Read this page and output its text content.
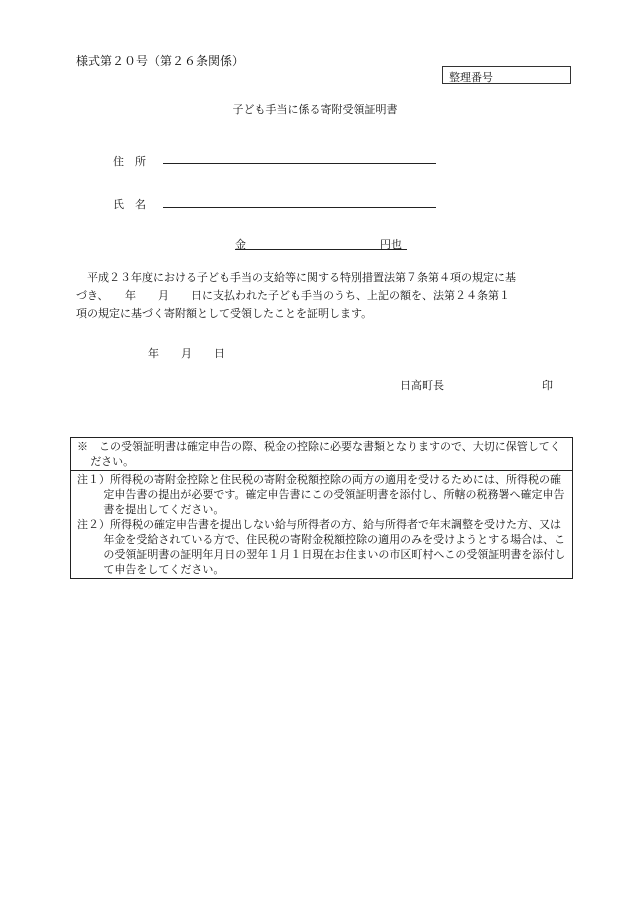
様式第２０号（第２６条関係）
整理番号
子ども手当に係る寄附受領証明書
住　所
氏　名
金	円也

　平成２３年度における子ども手当の支給等に関する特別措置法第７条第４項の規定に基

づき、　　年　　月　　日に支払われた子ども手当のうち、上記の額を、法第２４条第１

項の規定に基づく寄附額として受領したことを証明します。

年　　月　　日
日高町長	印

※　この受領証明書は確定申告の際、税金の控除に必要な書類となりますので、大切に保管してください。

注１）所得税の寄附金控除と住民税の寄附金税額控除の両方の適用を受けるためには、所得税の確定申告書の提出が必要です。確定申告書にこの受領証明書を添付し、所轄の税務署へ確定申告書を提出してください。

注２）所得税の確定申告書を提出しない給与所得者の方、給与所得者で年末調整を受けた方、又は年金を受給されている方で、住民税の寄附金税額控除の適用のみを受けようとする場合は、この受領証明書の証明年月日の翌年１月１日現在お住まいの市区町村へこの受領証明書を添付して申告をしてください。
